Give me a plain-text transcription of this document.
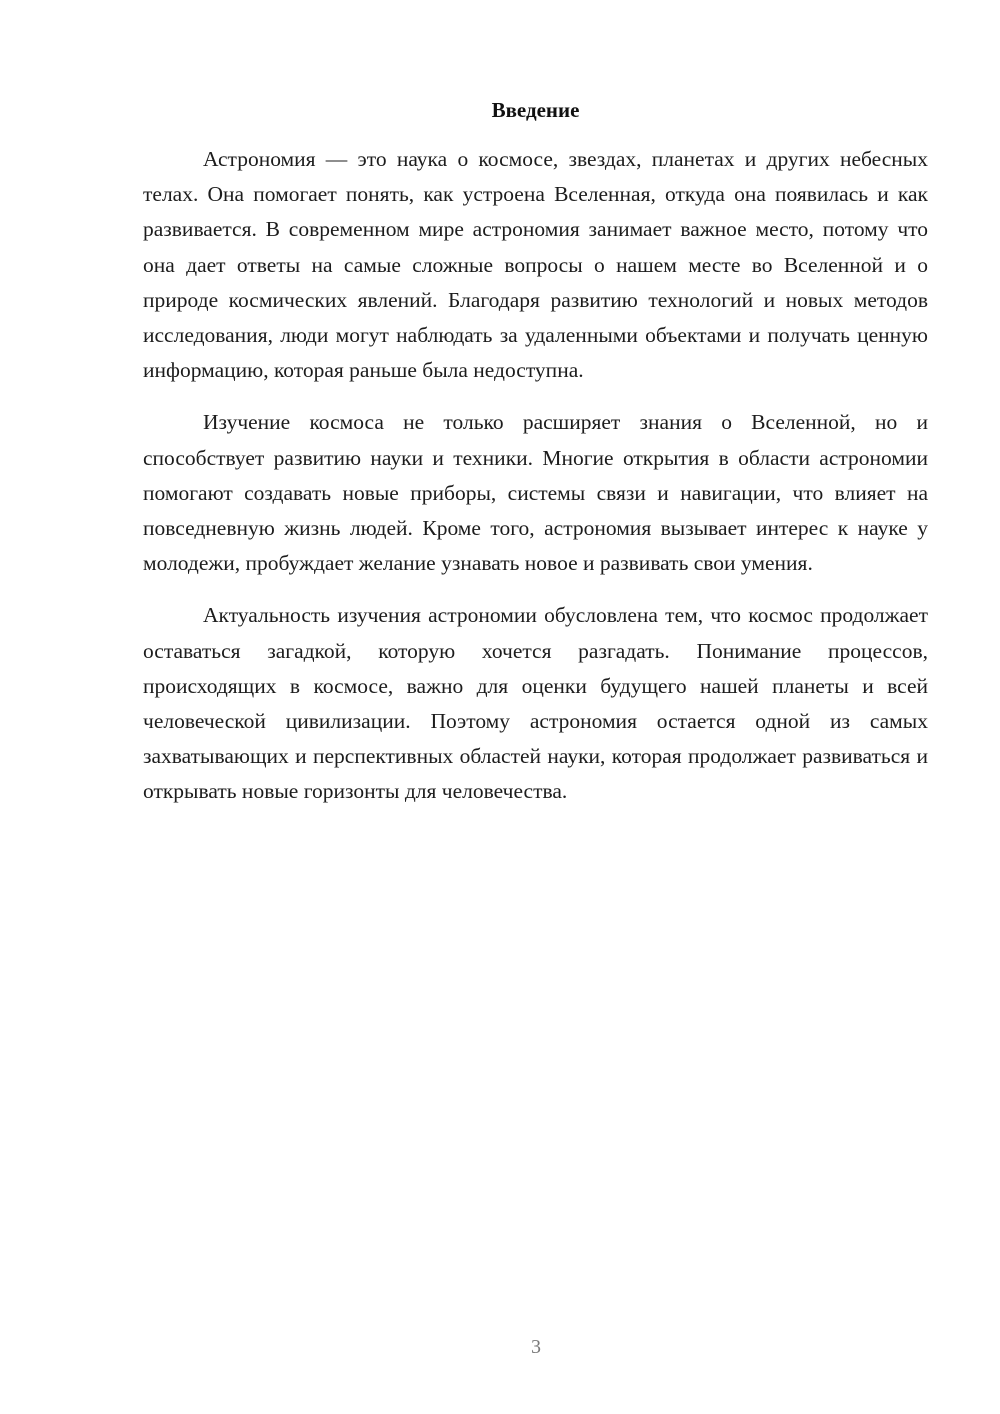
Введение

Астрономия — это наука о космосе, звездах, планетах и других небесных телах. Она помогает понять, как устроена Вселенная, откуда она появилась и как развивается. В современном мире астрономия занимает важное место, потому что она дает ответы на самые сложные вопросы о нашем месте во Вселенной и о природе космических явлений. Благодаря развитию технологий и новых методов исследования, люди могут наблюдать за удаленными объектами и получать ценную информацию, которая раньше была недоступна.

Изучение космоса не только расширяет знания о Вселенной, но и способствует развитию науки и техники. Многие открытия в области астрономии помогают создавать новые приборы, системы связи и навигации, что влияет на повседневную жизнь людей. Кроме того, астрономия вызывает интерес к науке у молодежи, пробуждает желание узнавать новое и развивать свои умения.

Актуальность изучения астрономии обусловлена тем, что космос продолжает оставаться загадкой, которую хочется разгадать. Понимание процессов, происходящих в космосе, важно для оценки будущего нашей планеты и всей человеческой цивилизации. Поэтому астрономия остается одной из самых захватывающих и перспективных областей науки, которая продолжает развиваться и открывать новые горизонты для человечества.

3
